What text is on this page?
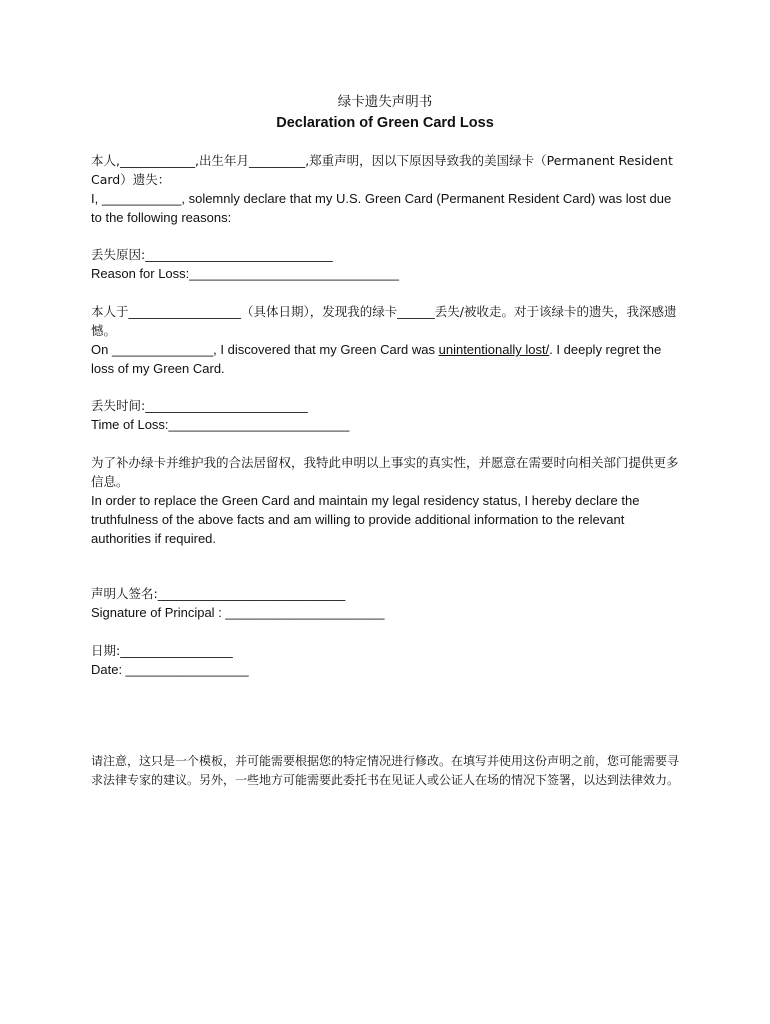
绿卡遗失声明书
Declaration of Green Card Loss

本人,____________,出生年月_________,郑重声明，因以下原因导致我的美国绿卡（Permanent Resident Card）遗失：

I, ___________, solemnly declare that my U.S. Green Card (Permanent Resident Card) was lost due to the following reasons:

丢失原因:______________________________

Reason for Loss:_____________________________

本人于__________________（具体日期），发现我的绿卡______丢失/被收走。对于该绿卡的遗失，我深感遗憾。

On ______________, I discovered that my Green Card was unintentionally lost/. I deeply regret the loss of my Green Card.

丢失时间:__________________________

Time of Loss:_________________________

为了补办绿卡并维护我的合法居留权，我特此申明以上事实的真实性，并愿意在需要时向相关部门提供更多信息。

In order to replace the Green Card and maintain my legal residency status, I hereby declare the truthfulness of the above facts and am willing to provide additional information to the relevant authorities if required.

声明人签名:______________________________

Signature of Principal : ______________________

日期:__________________

Date: _________________

请注意，这只是一个模板，并可能需要根据您的特定情况进行修改。在填写并使用这份声明之前，您可能需要寻求法律专家的建议。另外，一些地方可能需要此委托书在见证人或公证人在场的情况下签署，以达到法律效力。
